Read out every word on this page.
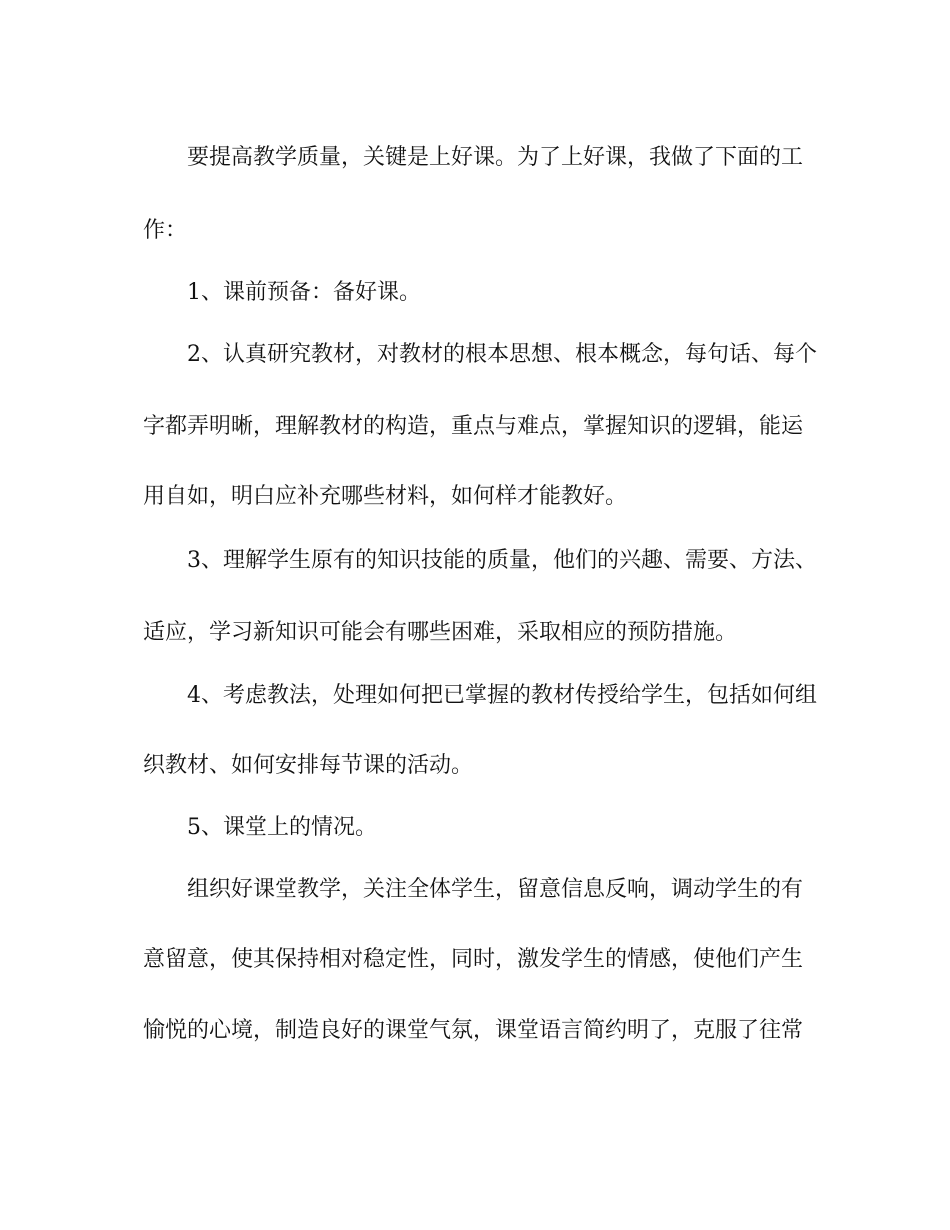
要提高教学质量，关键是上好课。为了上好课，我做了下面的工
作：
1、课前预备：备好课。
2、认真研究教材，对教材的根本思想、根本概念，每句话、每个
字都弄明晰，理解教材的构造，重点与难点，掌握知识的逻辑，能运
用自如，明白应补充哪些材料，如何样才能教好。
3、理解学生原有的知识技能的质量，他们的兴趣、需要、方法、
适应，学习新知识可能会有哪些困难，采取相应的预防措施。
4、考虑教法，处理如何把已掌握的教材传授给学生，包括如何组
织教材、如何安排每节课的活动。
5、课堂上的情况。
组织好课堂教学，关注全体学生，留意信息反响，调动学生的有
意留意，使其保持相对稳定性，同时，激发学生的情感，使他们产生
愉悦的心境，制造良好的课堂气氛，课堂语言简约明了，克服了往常
